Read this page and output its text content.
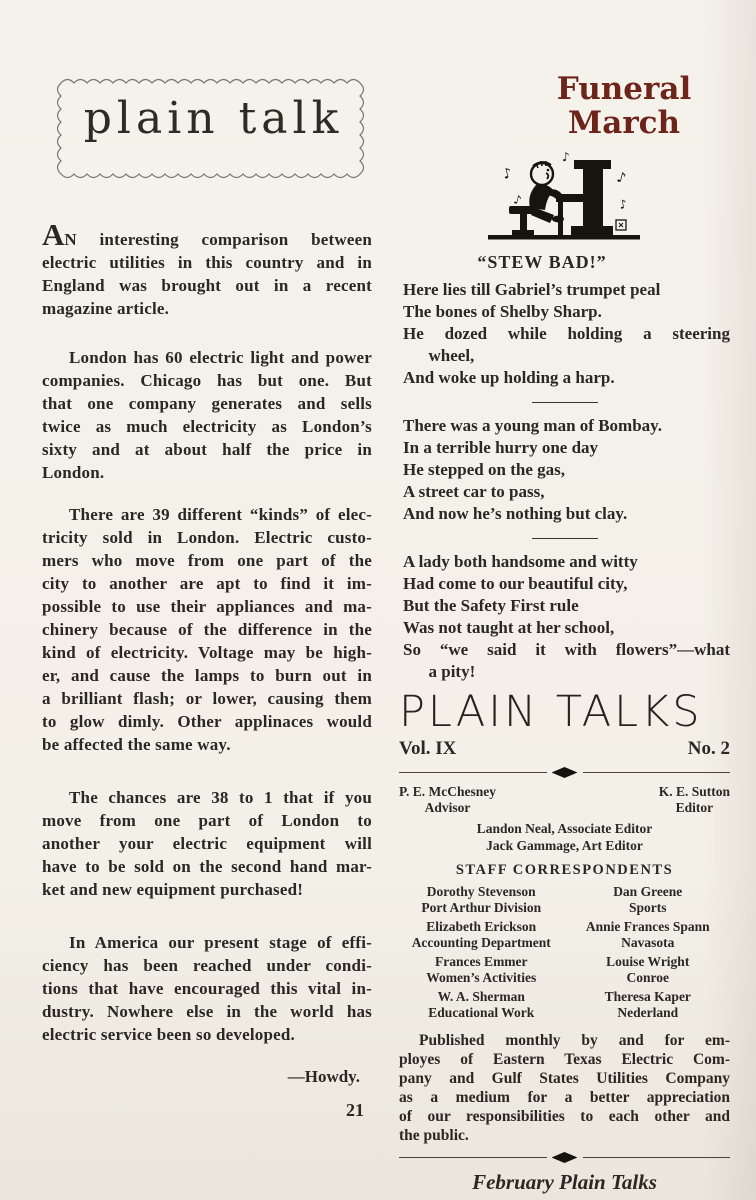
plain talk
AN interesting comparison between
electric utilities in this country and in
England was brought out in a recent
magazine article.
London has 60 electric light and power
companies. Chicago has but one. But
that one company generates and sells
twice as much electricity as London’s
sixty and at about half the price in
London.
There are 39 different “kinds” of elec-
tricity sold in London. Electric custo-
mers who move from one part of the
city to another are apt to find it im-
possible to use their appliances and ma-
chinery because of the difference in the
kind of electricity. Voltage may be high-
er, and cause the lamps to burn out in
a brilliant flash; or lower, causing them
to glow dimly. Other applinaces would
be affected the same way.
The chances are 38 to 1 that if you
move from one part of London to
another your electric equipment will
have to be sold on the second hand mar-
ket and new equipment purchased!
In America our present stage of effi-
ciency has been reached under condi-
tions that have encouraged this vital in-
dustry. Nowhere else in the world has
electric service been so developed.
—Howdy.
21
Funeral
March
♪
♪
♪
♪
♪
“STEW BAD!”
Here lies till Gabriel’s trumpet peal
The bones of Shelby Sharp.
He dozed while holding a steering
wheel,
And woke up holding a harp.
There was a young man of Bombay.
In a terrible hurry one day
He stepped on the gas,
A street car to pass,
And now he’s nothing but clay.
A lady both handsome and witty
Had come to our beautiful city,
But the Safety First rule
Was not taught at her school,
So “we said it with flowers”—what
a pity!
PLAIN TALKS
Vol. IX	No. 2
P. E. McChesney
Advisor
K. E. Sutton
Editor
Landon Neal, Associate Editor
Jack Gammage, Art Editor
STAFF CORRESPONDENTS
Dorothy Stevenson
Port Arthur Division
Dan Greene
Sports
Elizabeth Erickson
Accounting Department
Annie Frances Spann
Navasota
Frances Emmer
Women’s Activities
Louise Wright
Conroe
W. A. Sherman
Educational Work
Theresa Kaper
Nederland
Published monthly by and for em-
ployes of Eastern Texas Electric Com-
pany and Gulf States Utilities Company
as a medium for a better appreciation
of our responsibilities to each other and
the public.
February Plain Talks
